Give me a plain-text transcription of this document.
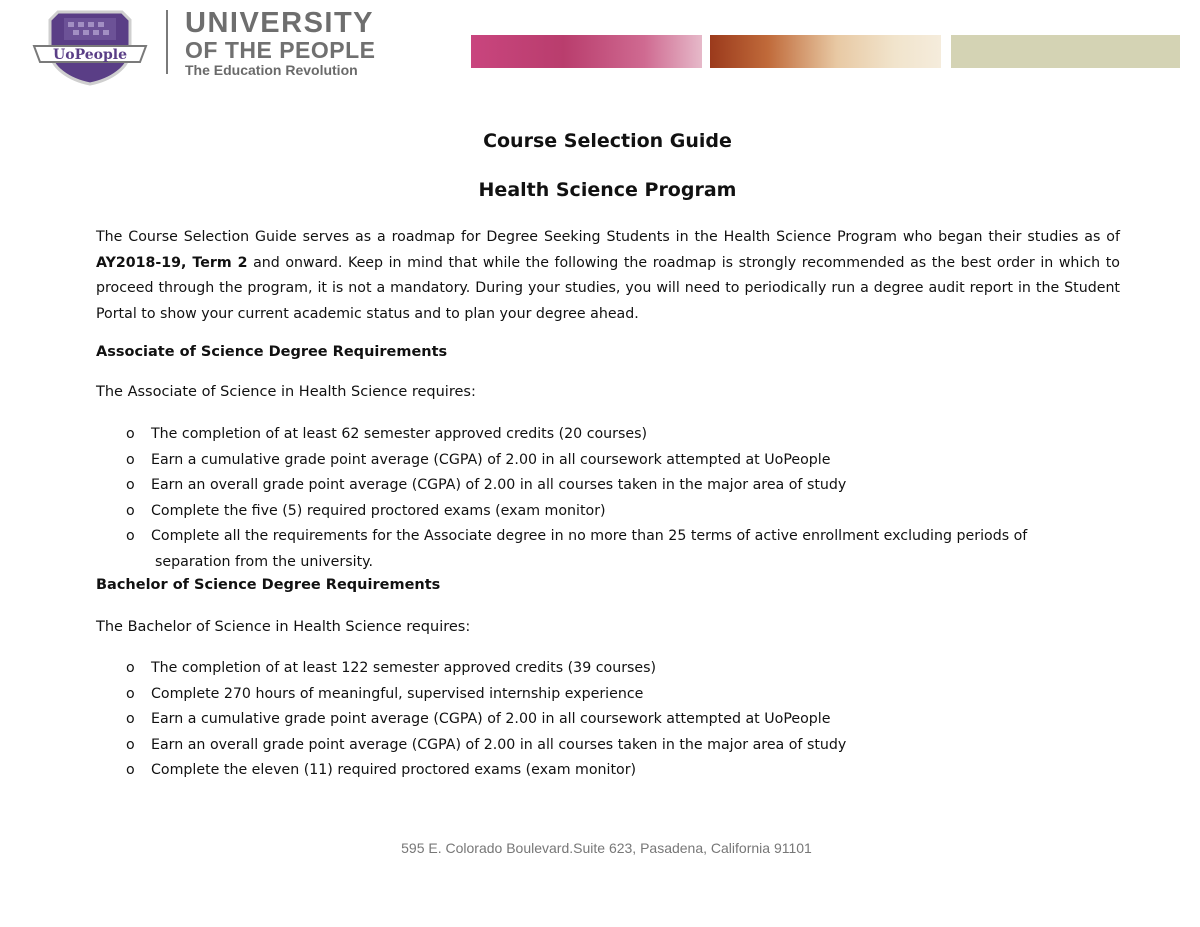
UoPeople
UNIVERSITY
OF THE PEOPLE
The Education Revolution
Course Selection Guide
Health Science Program
The Course Selection Guide serves as a roadmap for Degree Seeking Students in the Health Science Program who began their studies as of AY2018-19, Term 2 and onward. Keep in mind that while the following the roadmap is strongly recommended as the best order in which to proceed through the program, it is not a mandatory. During your studies, you will need to periodically run a degree audit report in the Student Portal to show your current academic status and to plan your degree ahead.
Associate of Science Degree Requirements
The Associate of Science in Health Science requires:
o The completion of at least 62 semester approved credits (20 courses)
o Earn a cumulative grade point average (CGPA) of 2.00 in all coursework attempted at UoPeople
o Earn an overall grade point average (CGPA) of 2.00 in all courses taken in the major area of study
o Complete the five (5) required proctored exams (exam monitor)
o Complete all the requirements for the Associate degree in no more than 25 terms of active enrollment excluding periods of
separation from the university.
Bachelor of Science Degree Requirements
The Bachelor of Science in Health Science requires:
o The completion of at least 122 semester approved credits (39 courses)
o Complete 270 hours of meaningful, supervised internship experience
o Earn a cumulative grade point average (CGPA) of 2.00 in all coursework attempted at UoPeople
o Earn an overall grade point average (CGPA) of 2.00 in all courses taken in the major area of study
o Complete the eleven (11) required proctored exams (exam monitor)
595 E. Colorado Boulevard.Suite 623, Pasadena, California 91101
